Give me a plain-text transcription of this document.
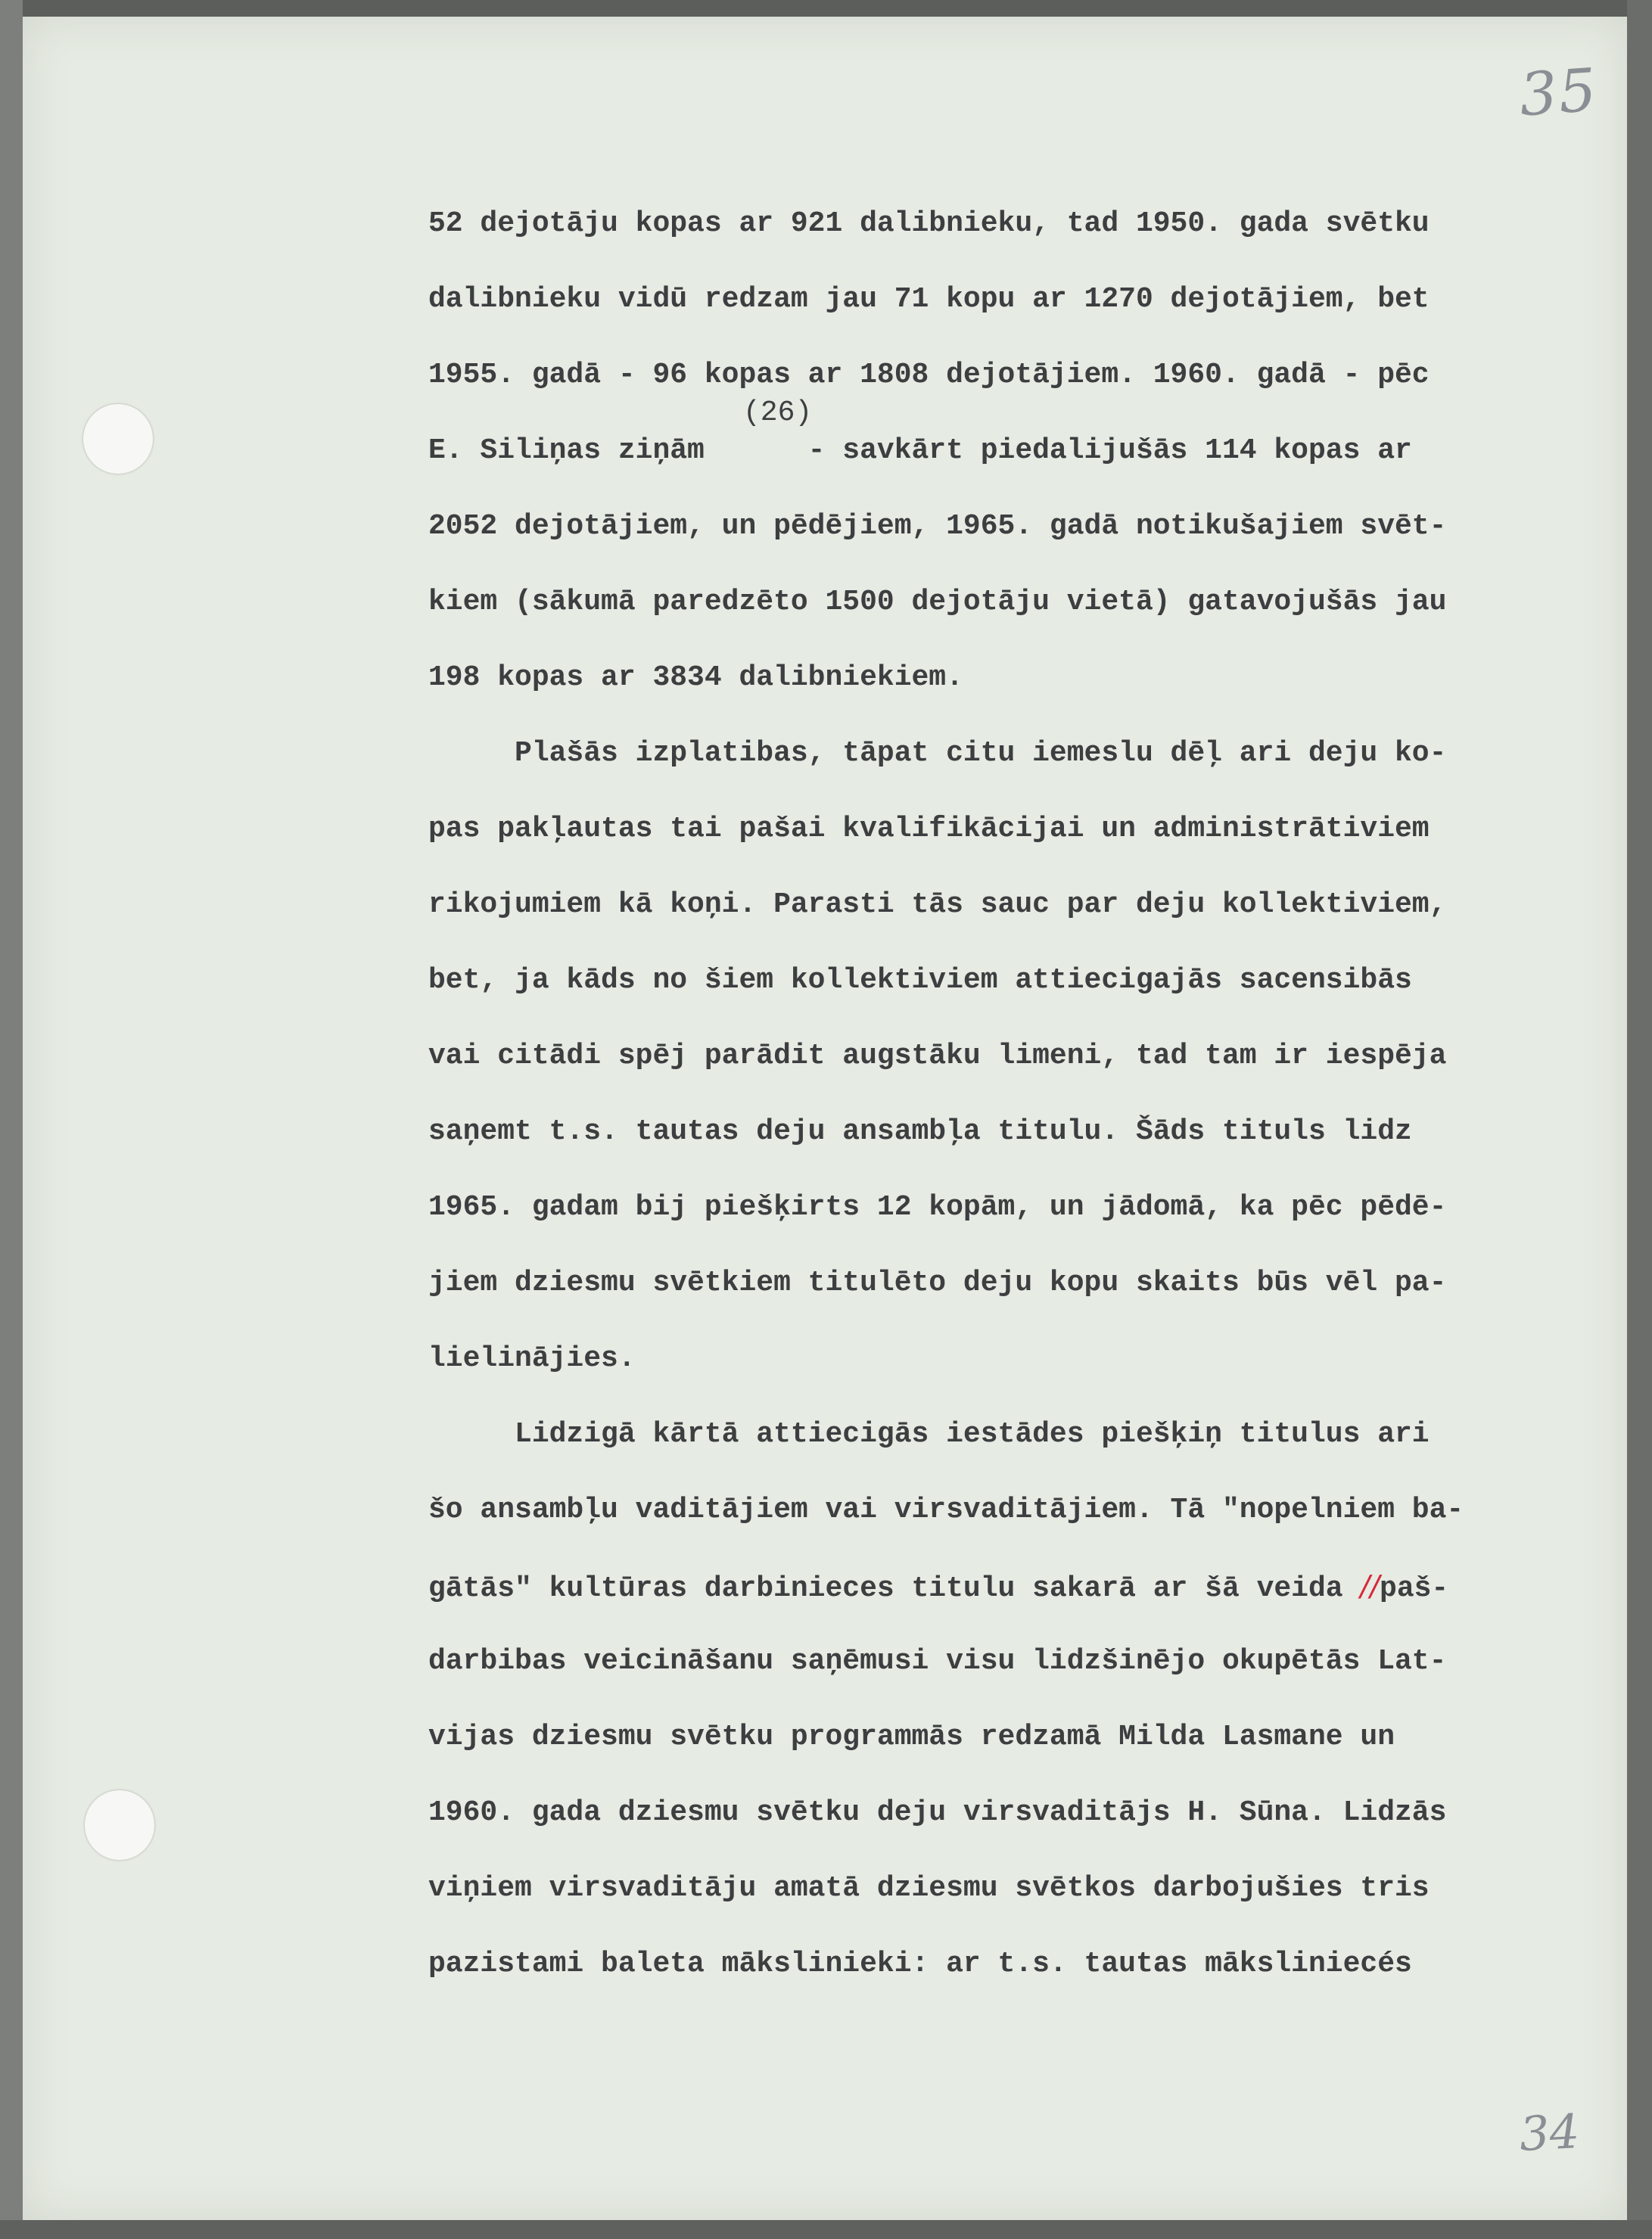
35
34
(26)
52 dejotāju kopas ar 921 dalibnieku, tad 1950. gada svētku
dalibnieku vidū redzam jau 71 kopu ar 1270 dejotājiem, bet
1955. gadā - 96 kopas ar 1808 dejotājiem. 1960. gadā - pēc
E. Siliņas ziņām      - savkārt piedalijušās 114 kopas ar
2052 dejotājiem, un pēdējiem, 1965. gadā notikušajiem svēt-
kiem (sākumā paredzēto 1500 dejotāju vietā) gatavojušās jau
198 kopas ar 3834 dalibniekiem.
Plašās izplatibas, tāpat citu iemeslu dēļ ari deju ko-
pas pakļautas tai pašai kvalifikācijai un administrātiviem
rikojumiem kā koņi. Parasti tās sauc par deju kollektiviem,
bet, ja kāds no šiem kollektiviem attiecigajās sacensibās
vai citādi spēj parādit augstāku limeni, tad tam ir iespēja
saņemt t.s. tautas deju ansambļa titulu. Šāds tituls lidz
1965. gadam bij piešķirts 12 kopām, un jādomā, ka pēc pēdē-
jiem dziesmu svētkiem titulēto deju kopu skaits būs vēl pa-
lielinājies.
Lidzigā kārtā attiecigās iestādes piešķiņ titulus ari
šo ansambļu vaditājiem vai virsvaditājiem. Tā "nopelniem ba-
gātās" kultūras darbinieces titulu sakarā ar šā veida //paš-
darbibas veicināšanu saņēmusi visu lidzšinējo okupētās Lat-
vijas dziesmu svētku programmās redzamā Milda Lasmane un
1960. gada dziesmu svētku deju virsvaditājs H. Sūna. Lidzās
viņiem virsvaditāju amatā dziesmu svētkos darbojušies tris
pazistami baleta mākslinieki: ar t.s. tautas māksliniecés
